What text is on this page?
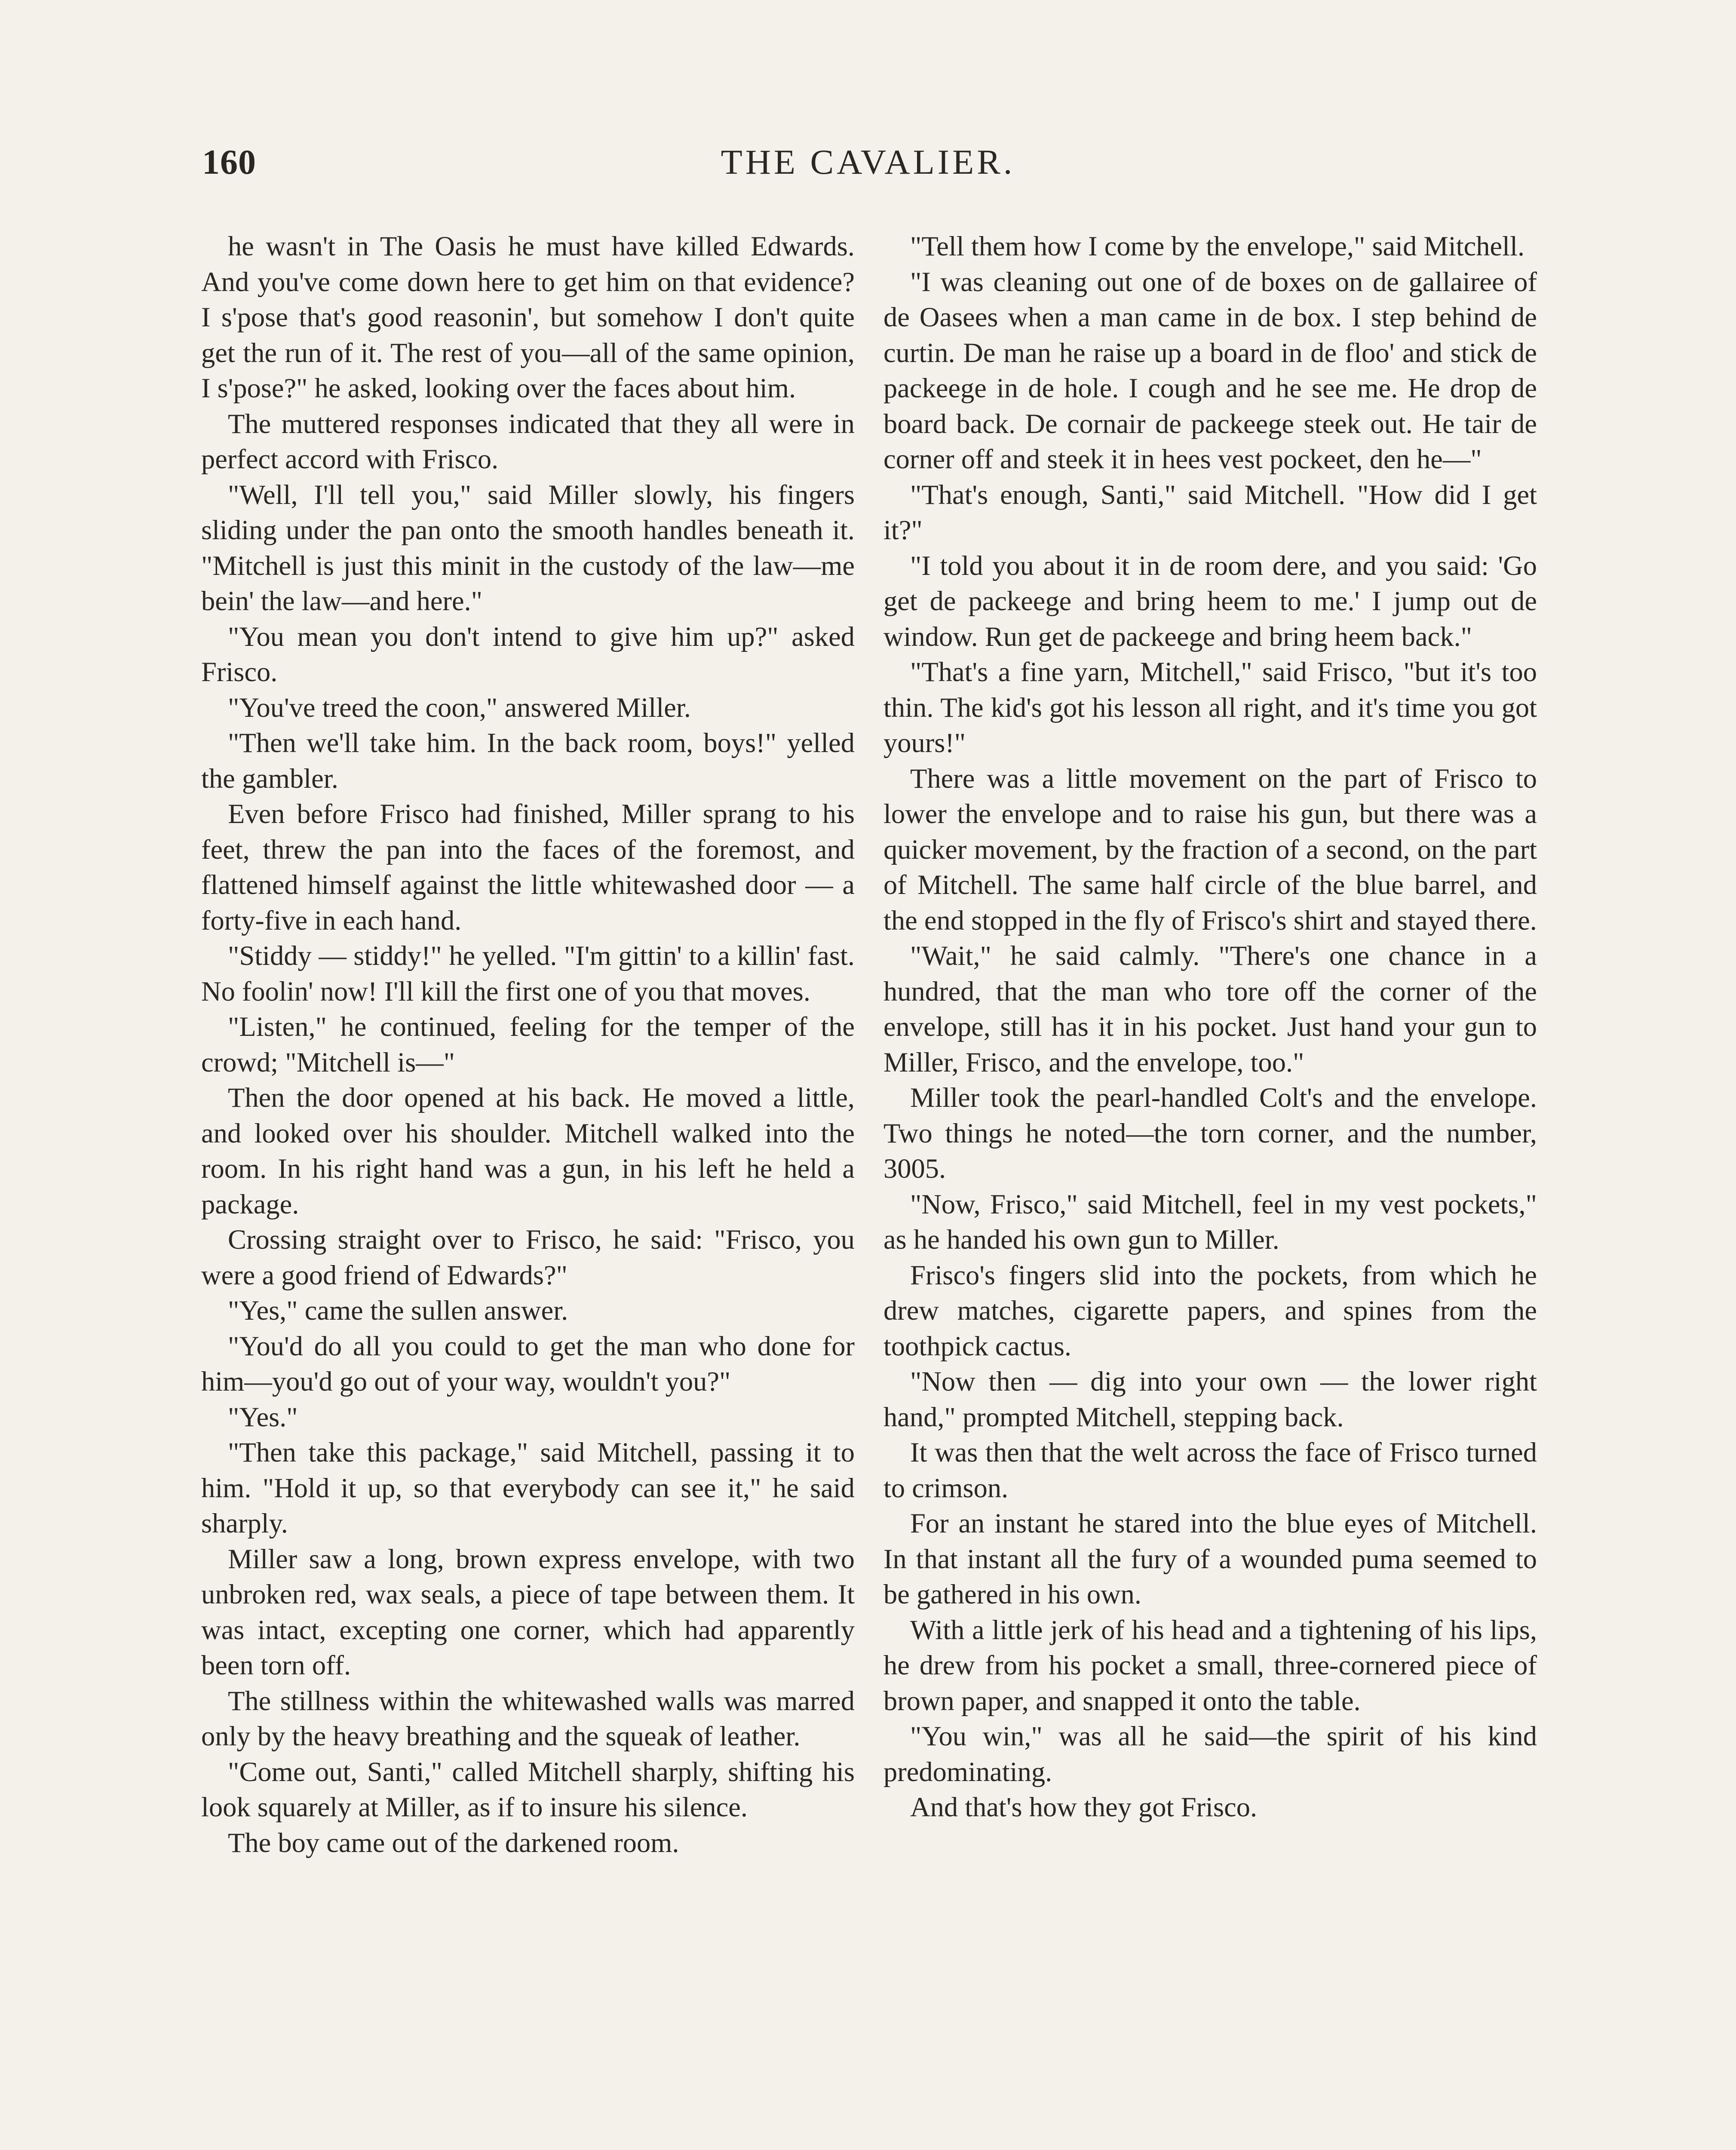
160	THE CAVALIER.

he wasn't in The Oasis he must have killed Edwards. And you've come down here to get him on that evidence? I s'pose that's good reasonin', but somehow I don't quite get the run of it. The rest of you—all of the same opinion, I s'pose?" he asked, looking over the faces about him.

The muttered responses indicated that they all were in perfect accord with Frisco.

"Well, I'll tell you," said Miller slowly, his fingers sliding under the pan onto the smooth handles beneath it. "Mitchell is just this minit in the custody of the law—me bein' the law—and here."

"You mean you don't intend to give him up?" asked Frisco.

"You've treed the coon," answered Miller.

"Then we'll take him. In the back room, boys!" yelled the gambler.

Even before Frisco had finished, Miller sprang to his feet, threw the pan into the faces of the foremost, and flattened himself against the little whitewashed door — a forty-five in each hand.

"Stiddy — stiddy!" he yelled. "I'm gittin' to a killin' fast. No foolin' now! I'll kill the first one of you that moves.

"Listen," he continued, feeling for the temper of the crowd; "Mitchell is—"

Then the door opened at his back. He moved a little, and looked over his shoulder. Mitchell walked into the room. In his right hand was a gun, in his left he held a package.

Crossing straight over to Frisco, he said: "Frisco, you were a good friend of Edwards?"

"Yes," came the sullen answer.

"You'd do all you could to get the man who done for him—you'd go out of your way, wouldn't you?"

"Yes."

"Then take this package," said Mitchell, passing it to him. "Hold it up, so that everybody can see it," he said sharply.

Miller saw a long, brown express envelope, with two unbroken red, wax seals, a piece of tape between them. It was intact, excepting one corner, which had apparently been torn off.

The stillness within the whitewashed walls was marred only by the heavy breathing and the squeak of leather.

"Come out, Santi," called Mitchell sharply, shifting his look squarely at Miller, as if to insure his silence.

The boy came out of the darkened room.

"Tell them how I come by the envelope," said Mitchell.

"I was cleaning out one of de boxes on de gallairee of de Oasees when a man came in de box. I step behind de curtin. De man he raise up a board in de floo' and stick de packeege in de hole. I cough and he see me. He drop de board back. De cornair de packeege steek out. He tair de corner off and steek it in hees vest pockeet, den he—"

"That's enough, Santi," said Mitchell. "How did I get it?"

"I told you about it in de room dere, and you said: 'Go get de packeege and bring heem to me.' I jump out de window. Run get de packeege and bring heem back."

"That's a fine yarn, Mitchell," said Frisco, "but it's too thin. The kid's got his lesson all right, and it's time you got yours!"

There was a little movement on the part of Frisco to lower the envelope and to raise his gun, but there was a quicker movement, by the fraction of a second, on the part of Mitchell. The same half circle of the blue barrel, and the end stopped in the fly of Frisco's shirt and stayed there.

"Wait," he said calmly. "There's one chance in a hundred, that the man who tore off the corner of the envelope, still has it in his pocket. Just hand your gun to Miller, Frisco, and the envelope, too."

Miller took the pearl-handled Colt's and the envelope. Two things he noted—the torn corner, and the number, 3005.

"Now, Frisco," said Mitchell, feel in my vest pockets," as he handed his own gun to Miller.

Frisco's fingers slid into the pockets, from which he drew matches, cigarette papers, and spines from the toothpick cactus.

"Now then — dig into your own — the lower right hand," prompted Mitchell, stepping back.

It was then that the welt across the face of Frisco turned to crimson.

For an instant he stared into the blue eyes of Mitchell. In that instant all the fury of a wounded puma seemed to be gathered in his own.

With a little jerk of his head and a tightening of his lips, he drew from his pocket a small, three-cornered piece of brown paper, and snapped it onto the table.

"You win," was all he said—the spirit of his kind predominating.

And that's how they got Frisco.
